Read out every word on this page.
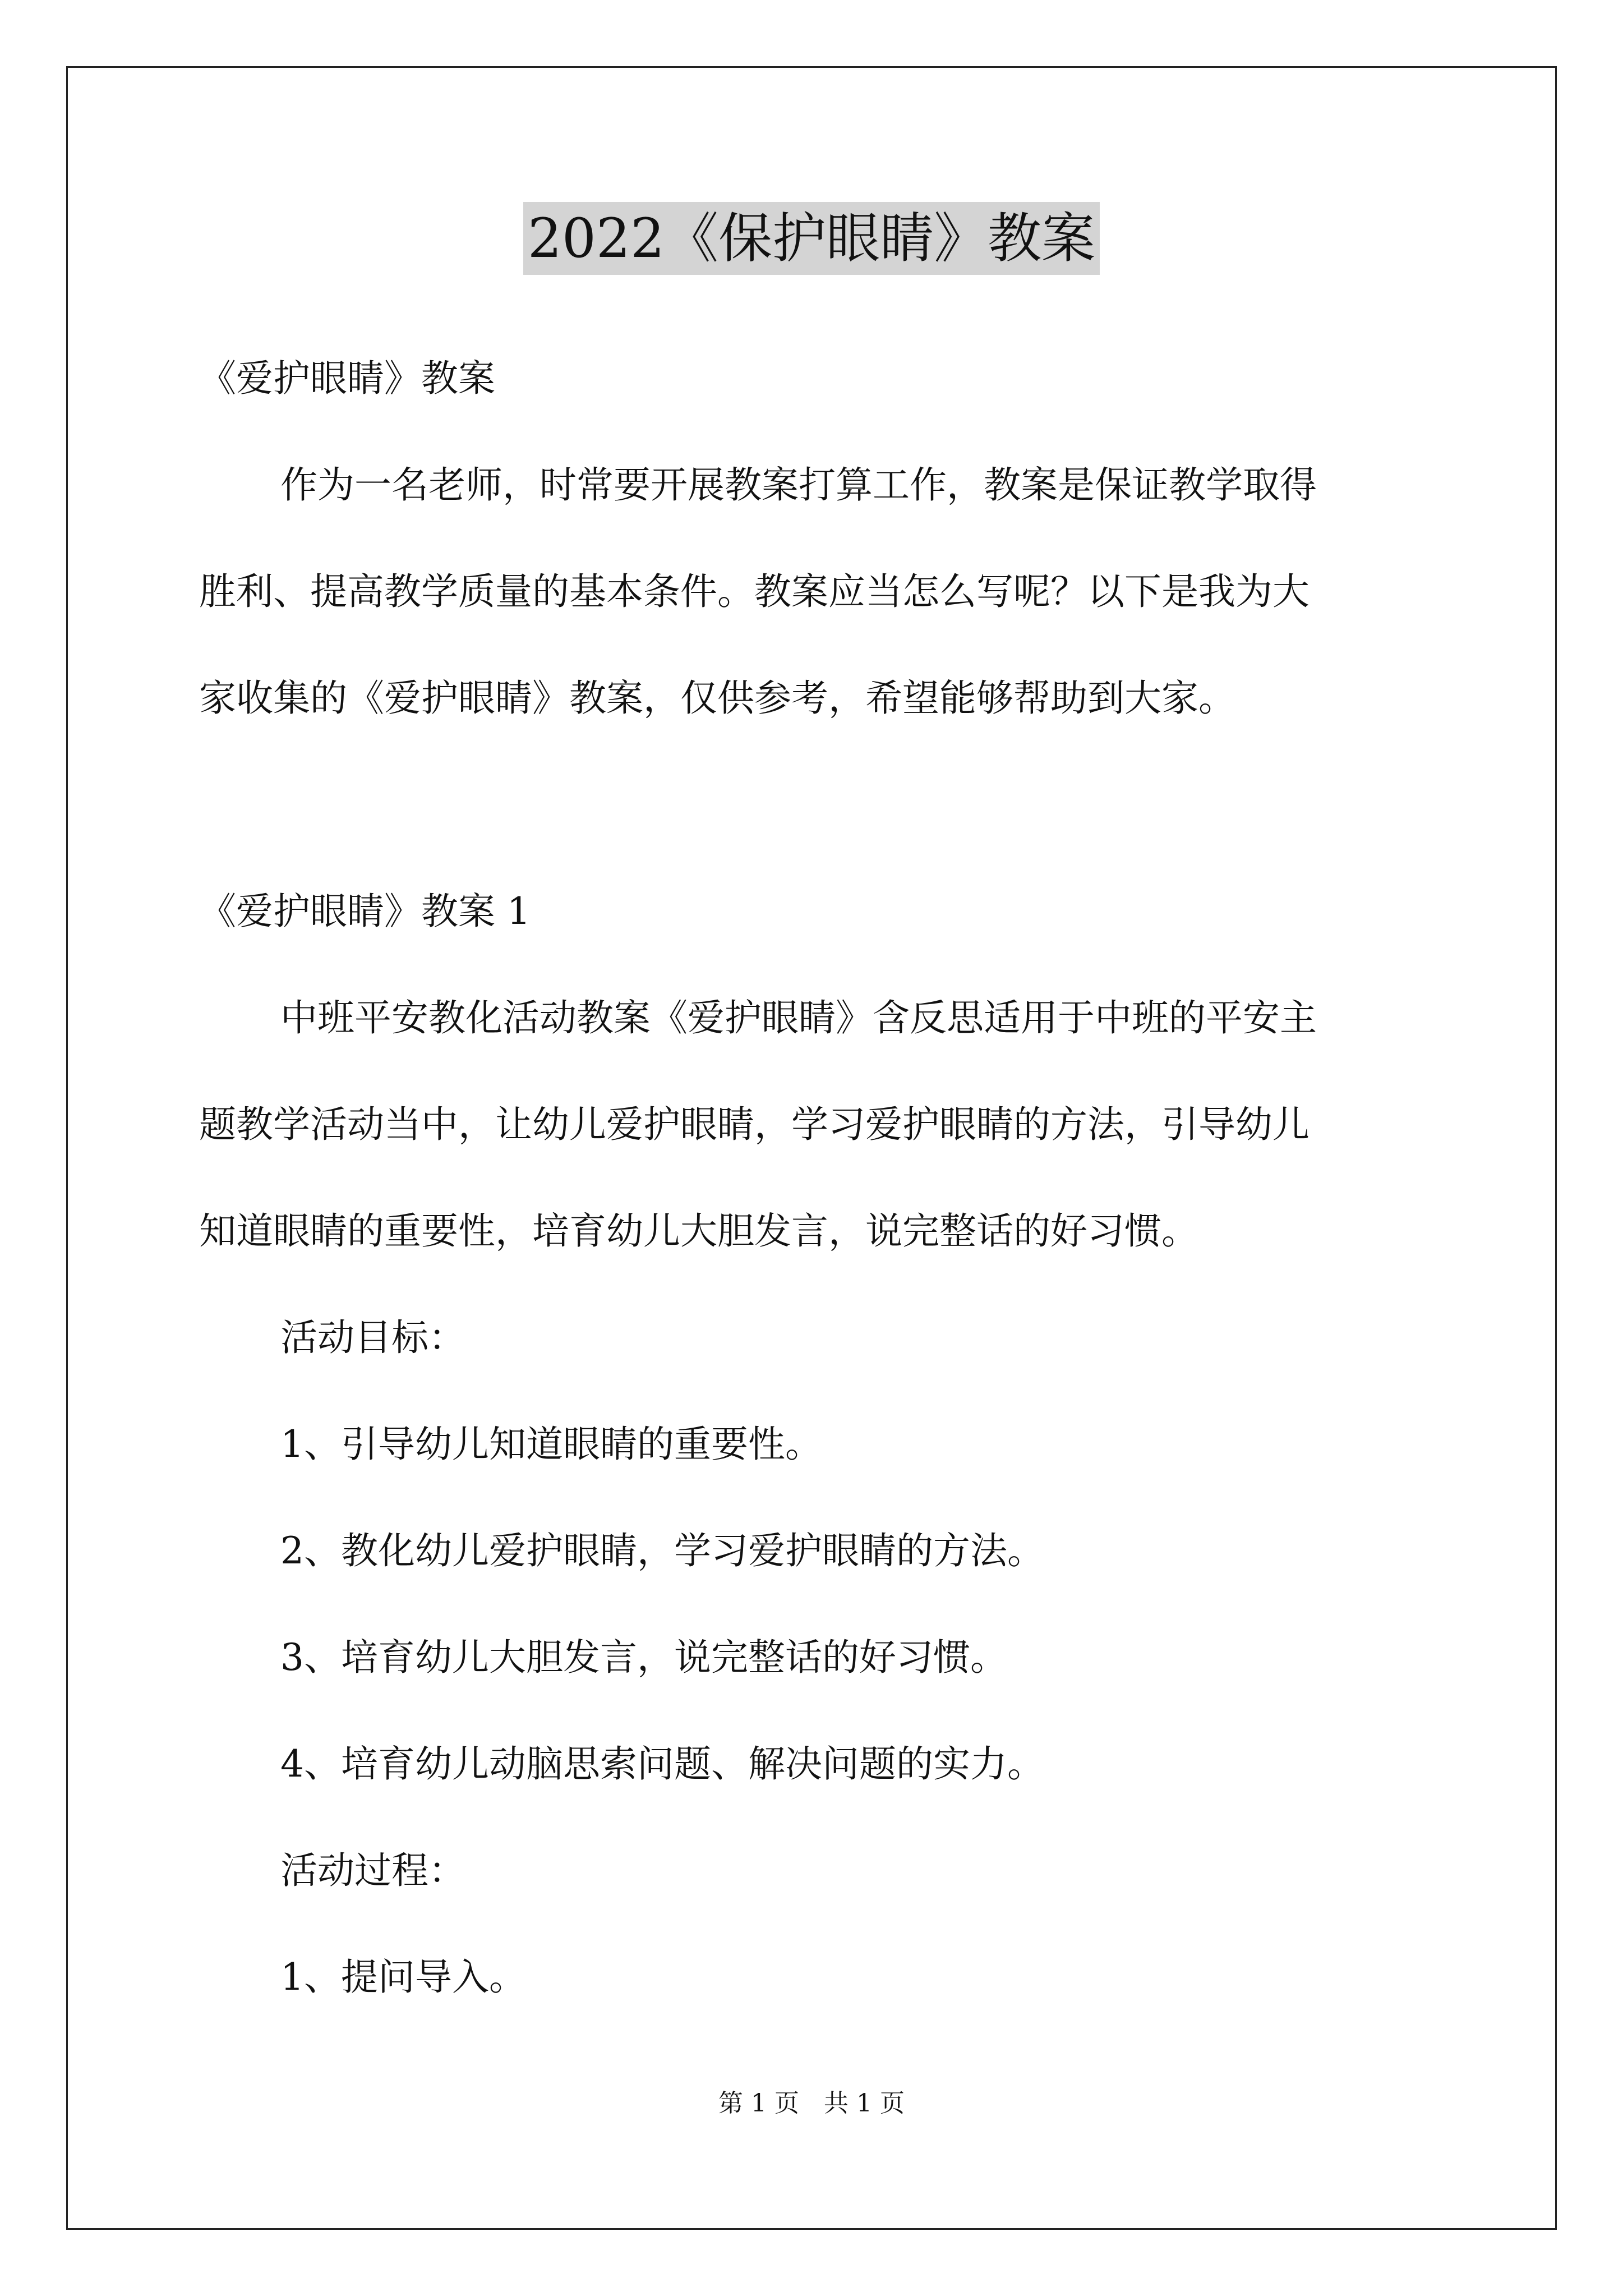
2022《保护眼睛》教案

《爱护眼睛》教案

作为一名老师，时常要开展教案打算工作，教案是保证教学取得

胜利、提高教学质量的基本条件。教案应当怎么写呢？以下是我为大

家收集的《爱护眼睛》教案，仅供参考，希望能够帮助到大家。

《爱护眼睛》教案 1

中班平安教化活动教案《爱护眼睛》含反思适用于中班的平安主

题教学活动当中，让幼儿爱护眼睛，学习爱护眼睛的方法，引导幼儿

知道眼睛的重要性，培育幼儿大胆发言，说完整话的好习惯。

活动目标：

1、引导幼儿知道眼睛的重要性。

2、教化幼儿爱护眼睛，学习爱护眼睛的方法。

3、培育幼儿大胆发言，说完整话的好习惯。

4、培育幼儿动脑思索问题、解决问题的实力。

活动过程：

1、提问导入。

第 1 页　共 1 页
